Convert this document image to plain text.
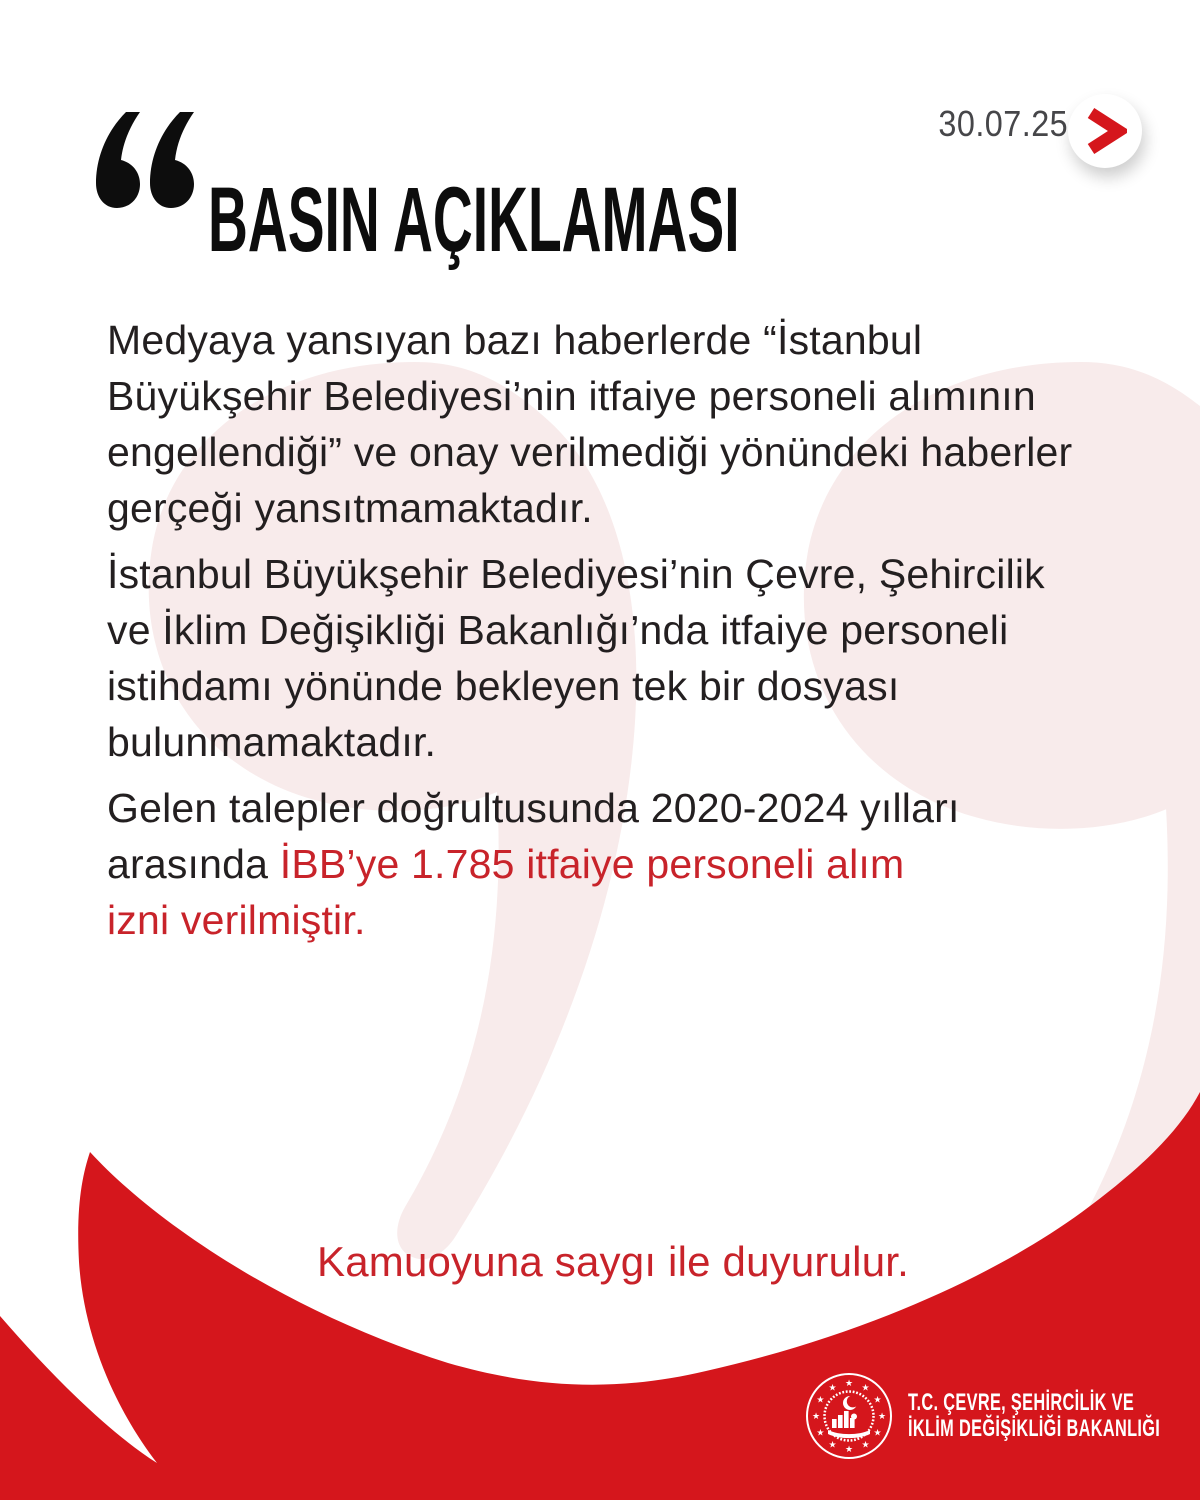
BASIN AÇIKLAMASI
30.07.25
Medyaya yansıyan bazı haberlerde “İstanbul
Büyükşehir Belediyesi’nin itfaiye personeli alımının
engellendiği” ve onay verilmediği yönündeki haberler
gerçeği yansıtmamaktadır.
İstanbul Büyükşehir Belediyesi’nin Çevre, Şehircilik
ve İklim Değişikliği Bakanlığı’nda itfaiye personeli
istihdamı yönünde bekleyen tek bir dosyası
bulunmamaktadır.
Gelen talepler doğrultusunda 2020-2024 yılları
arasında İBB’ye 1.785 itfaiye personeli alım
izni verilmiştir.
Kamuoyuna saygı ile duyurulur.
★ ★
★
★
★
★
★
★
★
★
★
★
T.C. ÇEVRE, ŞEHİRCİLİK VE
İKLİM DEĞİŞİKLİĞİ BAKANLIĞI
